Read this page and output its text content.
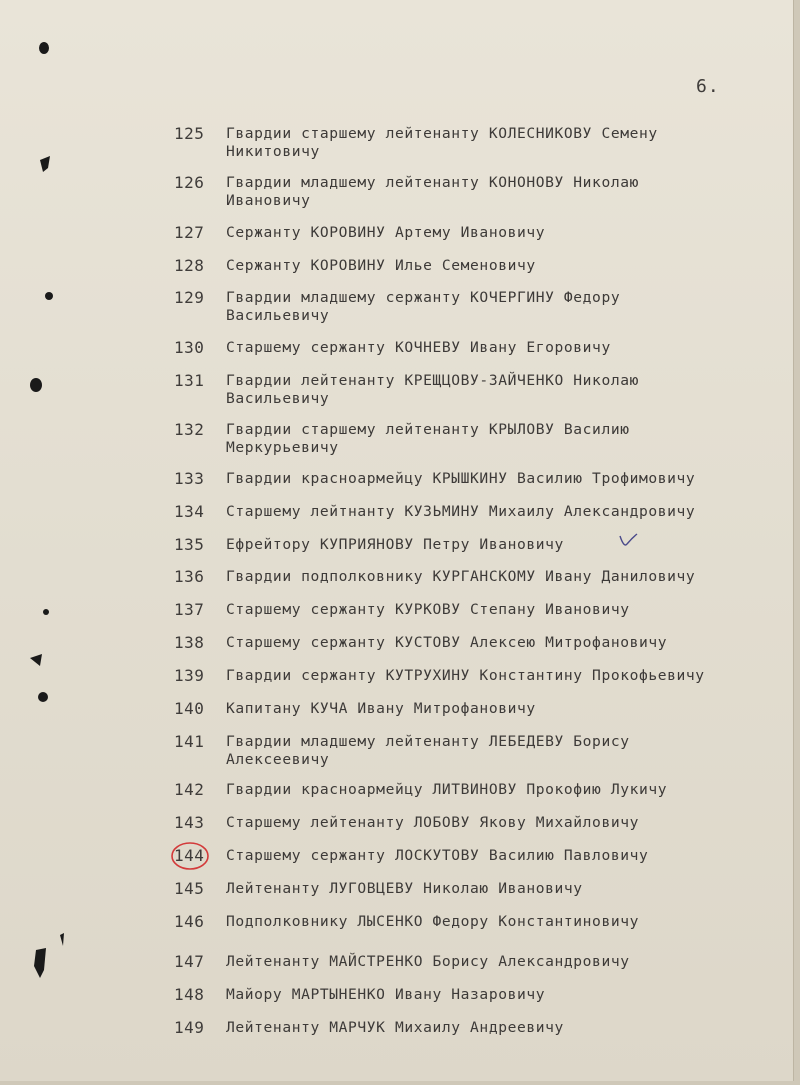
6.
125	Гвардии старшему лейтенанту КОЛЕСНИКОВУ Семену
Никитовичу
126	Гвардии младшему лейтенанту КОНОНОВУ Николаю
Ивановичу
127	Сержанту КОРОВИНУ Артему Ивановичу
128	Сержанту КОРОВИНУ Илье Семеновичу
129	Гвардии младшему сержанту КОЧЕРГИНУ Федору
Васильевичу
130	Старшему сержанту КОЧНЕВУ Ивану Егоровичу
131	Гвардии лейтенанту КРЕЩЦОВУ-ЗАЙЧЕНКО Николаю
Васильевичу
132	Гвардии старшему лейтенанту КРЫЛОВУ Василию
Меркурьевичу
133	Гвардии красноармейцу КРЫШКИНУ Василию Трофимовичу
134	Старшему лейтнанту КУЗЬМИНУ Михаилу Александровичу
135	Ефрейтору КУПРИЯНОВУ Петру Ивановичу
136	Гвардии подполковнику КУРГАНСКОМУ Ивану Даниловичу
137	Старшему сержанту КУРКОВУ Степану Ивановичу
138	Старшему сержанту КУСТОВУ Алексею Митрофановичу
139	Гвардии сержанту КУТРУХИНУ Константину Прокофьевичу
140	Капитану КУЧА Ивану Митрофановичу
141	Гвардии младшему лейтенанту ЛЕБЕДЕВУ Борису
Алексеевичу
142	Гвардии красноармейцу ЛИТВИНОВУ Прокофию Лукичу
143	Старшему лейтенанту ЛОБОВУ Якову Михайловичу
144	Старшему сержанту ЛОСКУТОВУ Василию Павловичу
145	Лейтенанту ЛУГОВЦЕВУ Николаю Ивановичу
146	Подполковнику ЛЫСЕНКО Федору Константиновичу
147	Лейтенанту МАЙСТРЕНКО Борису Александровичу
148	Майору МАРТЫНЕНКО Ивану Назаровичу
149	Лейтенанту МАРЧУК Михаилу Андреевичу
